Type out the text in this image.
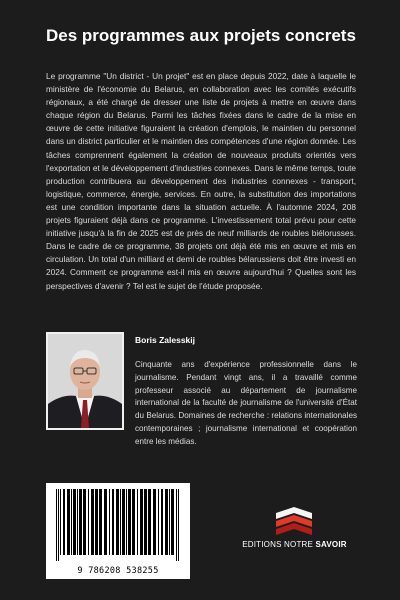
Des programmes aux projets concrets
Le programme "Un district - Un projet" est en place depuis 2022, date à laquelle le ministère de l'économie du Belarus, en collaboration avec les comités exécutifs régionaux, a été chargé de dresser une liste de projets à mettre en œuvre dans chaque région du Belarus. Parmi les tâches fixées dans le cadre de la mise en œuvre de cette initiative figuraient la création d'emplois, le maintien du personnel dans un district particulier et le maintien des compétences d'une région donnée. Les tâches comprennent également la création de nouveaux produits orientés vers l'exportation et le développement d'industries connexes. Dans le même temps, toute production contribuera au développement des industries connexes - transport, logistique, commerce, énergie, services. En outre, la substitution des importations est une condition importante dans la situation actuelle. À l'automne 2024, 208 projets figuraient déjà dans ce programme. L'investissement total prévu pour cette initiative jusqu'à la fin de 2025 est de près de neuf milliards de roubles biélorusses. Dans le cadre de ce programme, 38 projets ont déjà été mis en œuvre et mis en circulation. Un total d'un milliard et demi de roubles bélarussiens doit être investi en 2024. Comment ce programme est-il mis en œuvre aujourd'hui ? Quelles sont les perspectives d'avenir ? Tel est le sujet de l'étude proposée.
Boris Zalesskij
Cinquante ans d'expérience professionnelle dans le journalisme. Pendant vingt ans, il a travaillé comme professeur associé au département de journalisme international de la faculté de journalisme de l'université d'État du Belarus. Domaines de recherche : relations internationales contemporaines ; journalisme international et coopération entre les médias.
9 786208 538255
EDITIONS NOTRE SAVOIR
